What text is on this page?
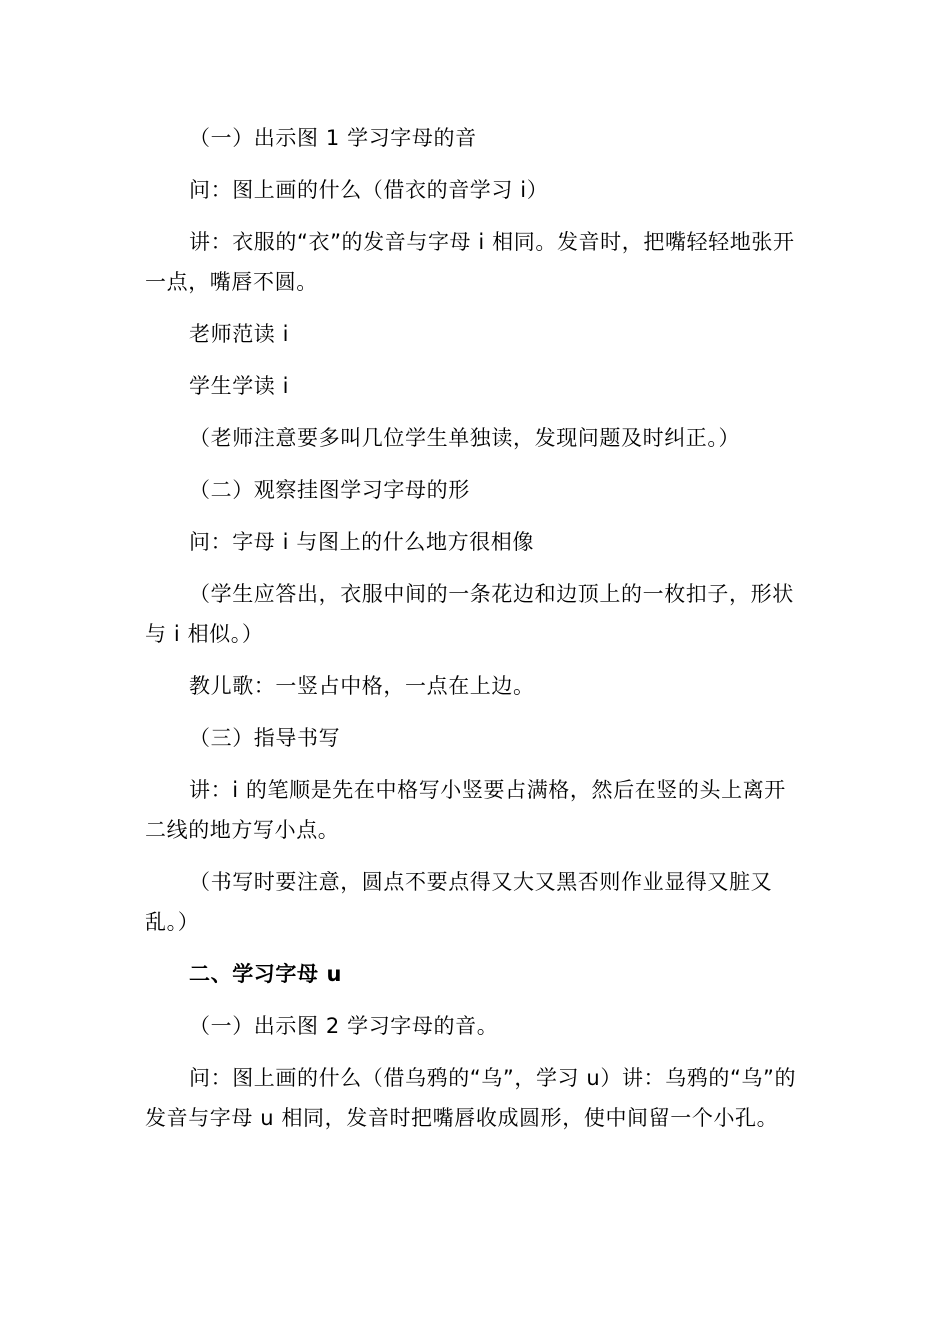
（一）出示图 1 学习字母的音

问：图上画的什么（借衣的音学习 i）

讲：衣服的“衣”的发音与字母 i 相同。发音时，把嘴轻轻地张开一点，嘴唇不圆。

老师范读 i

学生学读 i

（老师注意要多叫几位学生单独读，发现问题及时纠正。）

（二）观察挂图学习字母的形

问：字母 i 与图上的什么地方很相像

（学生应答出，衣服中间的一条花边和边顶上的一枚扣子，形状与 i 相似。）

教儿歌：一竖占中格，一点在上边。

（三）指导书写

讲：i 的笔顺是先在中格写小竖要占满格，然后在竖的头上离开二线的地方写小点。

（书写时要注意，圆点不要点得又大又黑否则作业显得又脏又乱。）

二、学习字母 u

（一）出示图 2 学习字母的音。

问：图上画的什么（借乌鸦的“乌”，学习 u）讲：乌鸦的“乌”的发音与字母 u 相同，发音时把嘴唇收成圆形，使中间留一个小孔。
